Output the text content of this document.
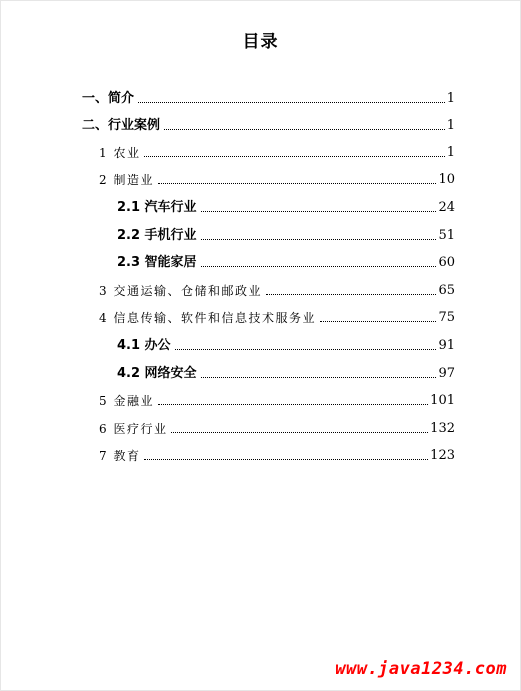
目录
一、简介	1
二、行业案例	1
1 农业	1
2 制造业	10
2.1 汽车行业	24
2.2 手机行业	51
2.3 智能家居	60
3 交通运输、仓储和邮政业	65
4 信息传输、软件和信息技术服务业	75
4.1 办公	91
4.2 网络安全	97
5 金融业	101
6 医疗行业	132
7 教育	123
www.java1234.com
